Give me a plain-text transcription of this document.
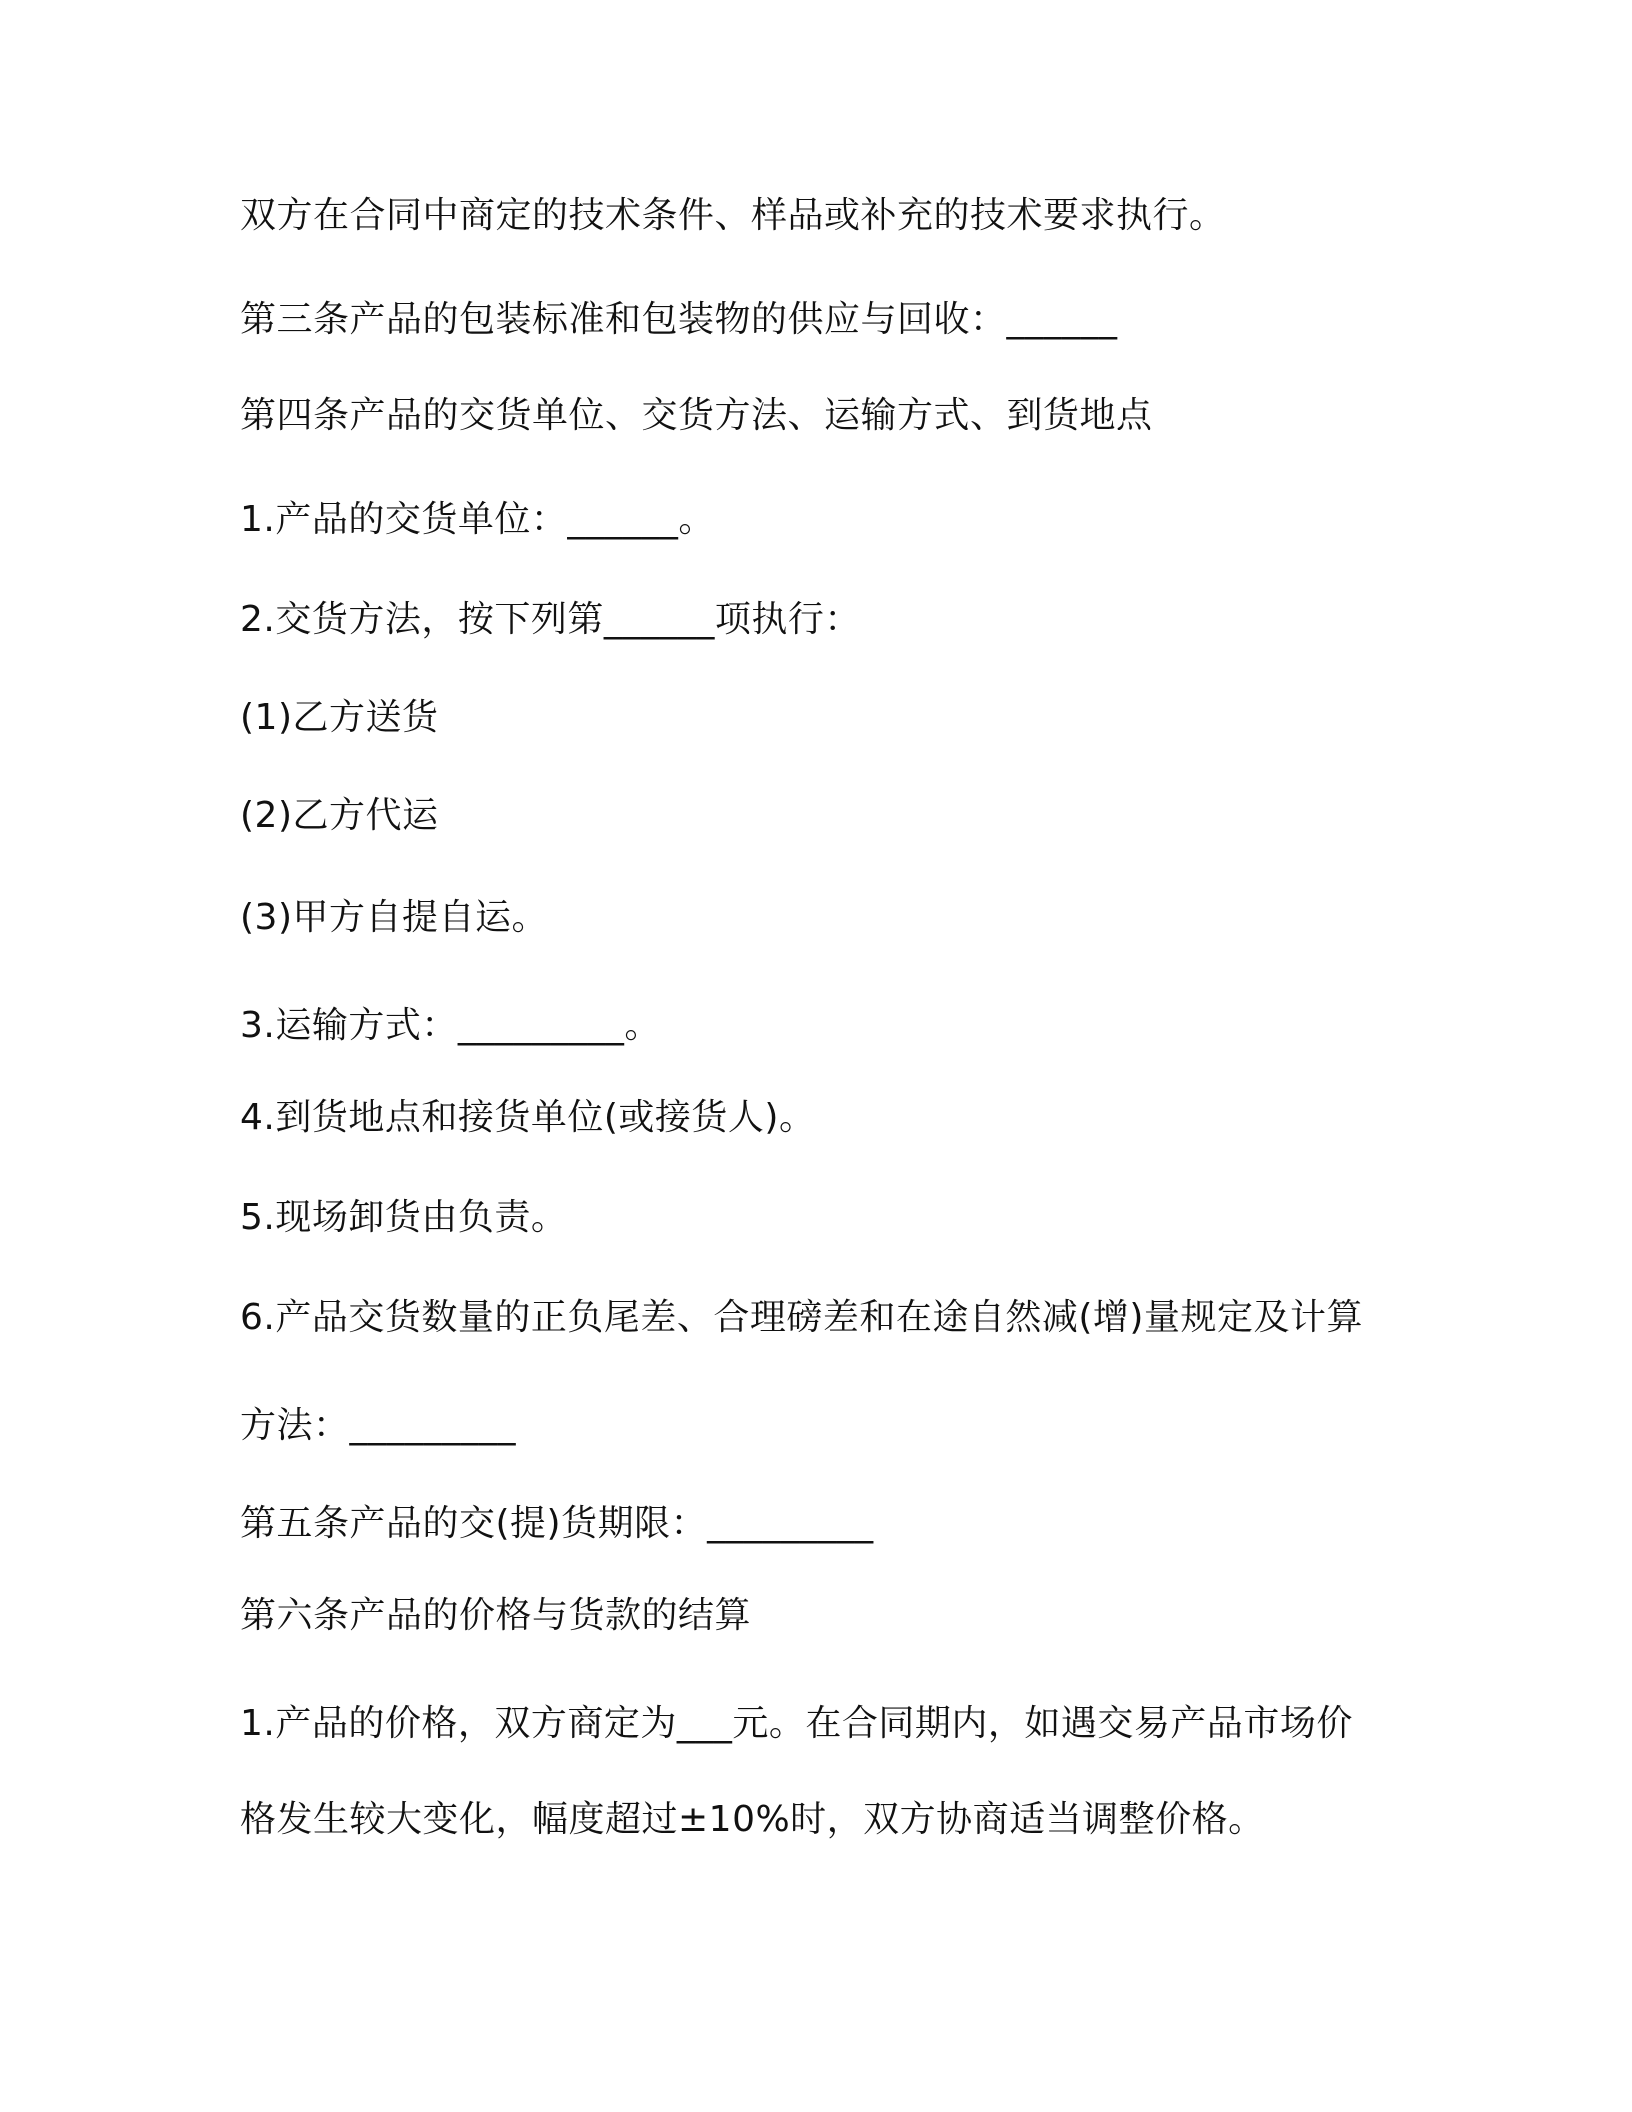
双方在合同中商定的技术条件、样品或补充的技术要求执行。
第三条产品的包装标准和包装物的供应与回收：______
第四条产品的交货单位、交货方法、运输方式、到货地点
1.产品的交货单位：______。
2.交货方法，按下列第______项执行：
(1)乙方送货
(2)乙方代运
(3)甲方自提自运。
3.运输方式：_________。
4.到货地点和接货单位(或接货人)。
5.现场卸货由负责。
6.产品交货数量的正负尾差、合理磅差和在途自然减(增)量规定及计算
方法：_________
第五条产品的交(提)货期限：_________
第六条产品的价格与货款的结算
1.产品的价格，双方商定为___元。在合同期内，如遇交易产品市场价
格发生较大变化，幅度超过±10%时，双方协商适当调整价格。
